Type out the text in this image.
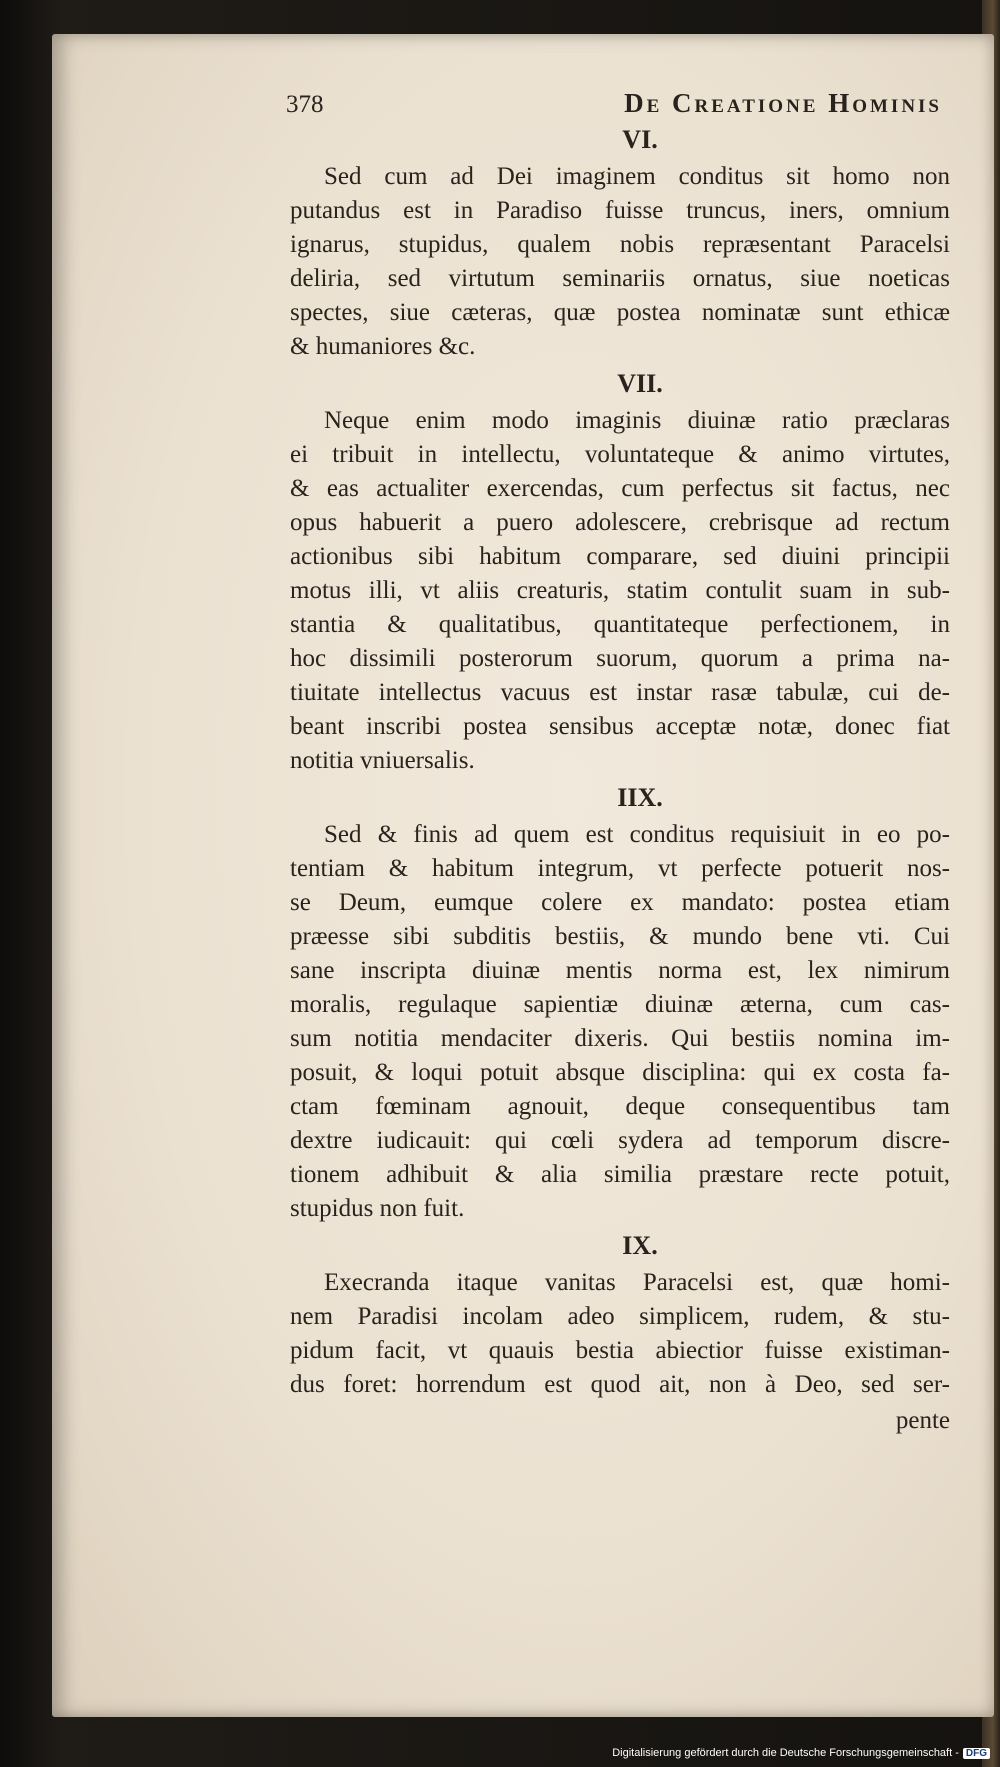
378	De Creatione Hominis
VI.

Sed cum ad Dei imaginem conditus sit homo non

putandus est in Paradiso fuisse truncus, iners, omnium

ignarus, stupidus, qualem nobis repræsentant Paracelsi

deliria, sed virtutum seminariis ornatus, siue noeticas

spectes, siue cæteras, quæ postea nominatæ sunt ethicæ

& humaniores &c.

VII.

Neque enim modo imaginis diuinæ ratio præclaras

ei tribuit in intellectu, voluntateque & animo virtutes,

& eas actualiter exercendas, cum perfectus sit factus, nec

opus habuerit a puero adolescere, crebrisque ad rectum

actionibus sibi habitum comparare, sed diuini principii

motus illi, vt aliis creaturis, statim contulit suam in sub-

stantia & qualitatibus, quantitateque perfectionem, in

hoc dissimili posterorum suorum, quorum a prima na-

tiuitate intellectus vacuus est instar rasæ tabulæ, cui de-

beant inscribi postea sensibus acceptæ notæ, donec fiat

notitia vniuersalis.

IIX.

Sed & finis ad quem est conditus requisiuit in eo po-

tentiam & habitum integrum, vt perfecte potuerit nos-

se Deum, eumque colere ex mandato: postea etiam

præesse sibi subditis bestiis, & mundo bene vti. Cui

sane inscripta diuinæ mentis norma est, lex nimirum

moralis, regulaque sapientiæ diuinæ æterna, cum cas-

sum notitia mendaciter dixeris. Qui bestiis nomina im-

posuit, & loqui potuit absque disciplina: qui ex costa fa-

ctam fœminam agnouit, deque consequentibus tam

dextre iudicauit: qui cœli sydera ad temporum discre-

tionem adhibuit & alia similia præstare recte potuit,

stupidus non fuit.

IX.

Execranda itaque vanitas Paracelsi est, quæ homi-

nem Paradisi incolam adeo simplicem, rudem, & stu-

pidum facit, vt quauis bestia abiectior fuisse existiman-

dus foret: horrendum est quod ait, non à Deo, sed ser-

pente
Digitalisierung gefördert durch die Deutsche Forschungsgemeinschaft - DFG
